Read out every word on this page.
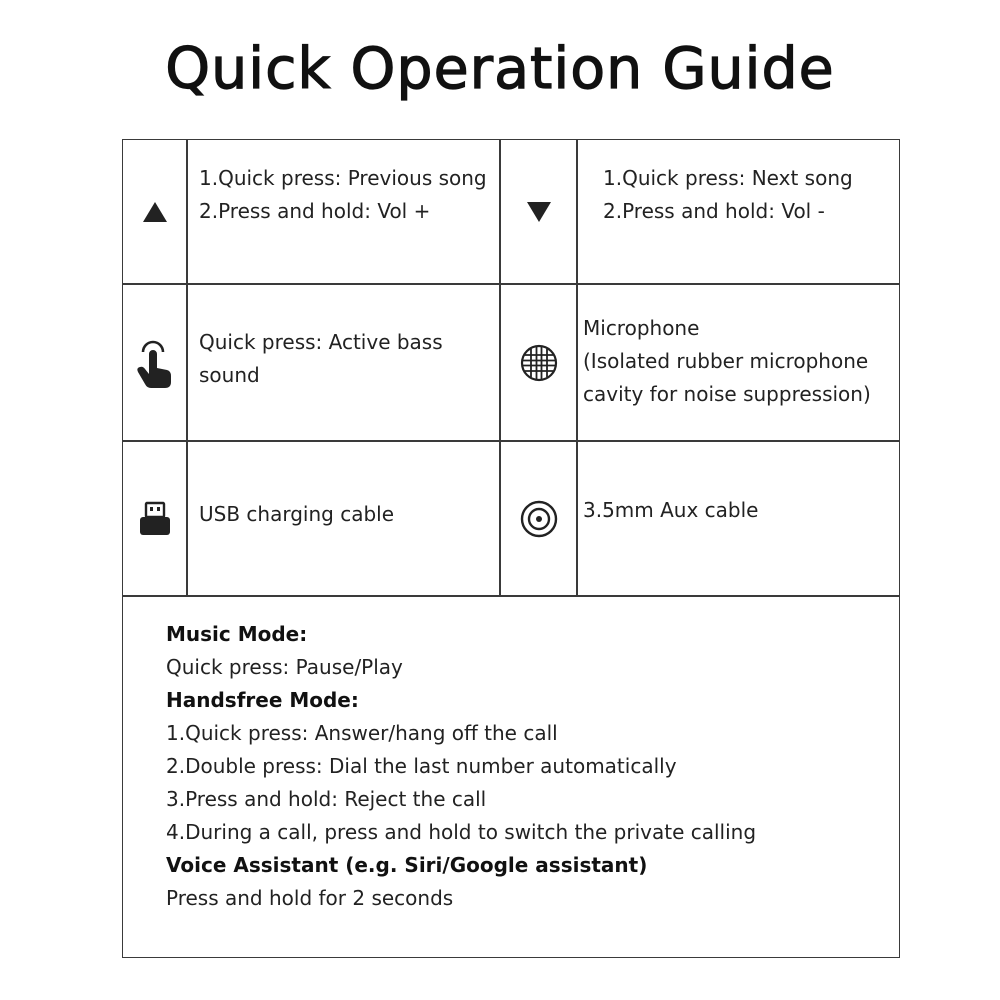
Quick Operation Guide
1.Quick press: Previous song
2.Press and hold: Vol +
1.Quick press: Next song
2.Press and hold: Vol -
Quick press: Active bass
sound
Microphone
(Isolated rubber microphone
cavity for noise suppression)
USB charging cable	3.5mm Aux cable
Music Mode:
Quick press: Pause/Play
Handsfree Mode:
1.Quick press: Answer/hang off the call
2.Double press: Dial the last number automatically
3.Press and hold: Reject the call
4.During a call, press and hold to switch the private calling
Voice Assistant (e.g. Siri/Google assistant)
Press and hold for 2 seconds
